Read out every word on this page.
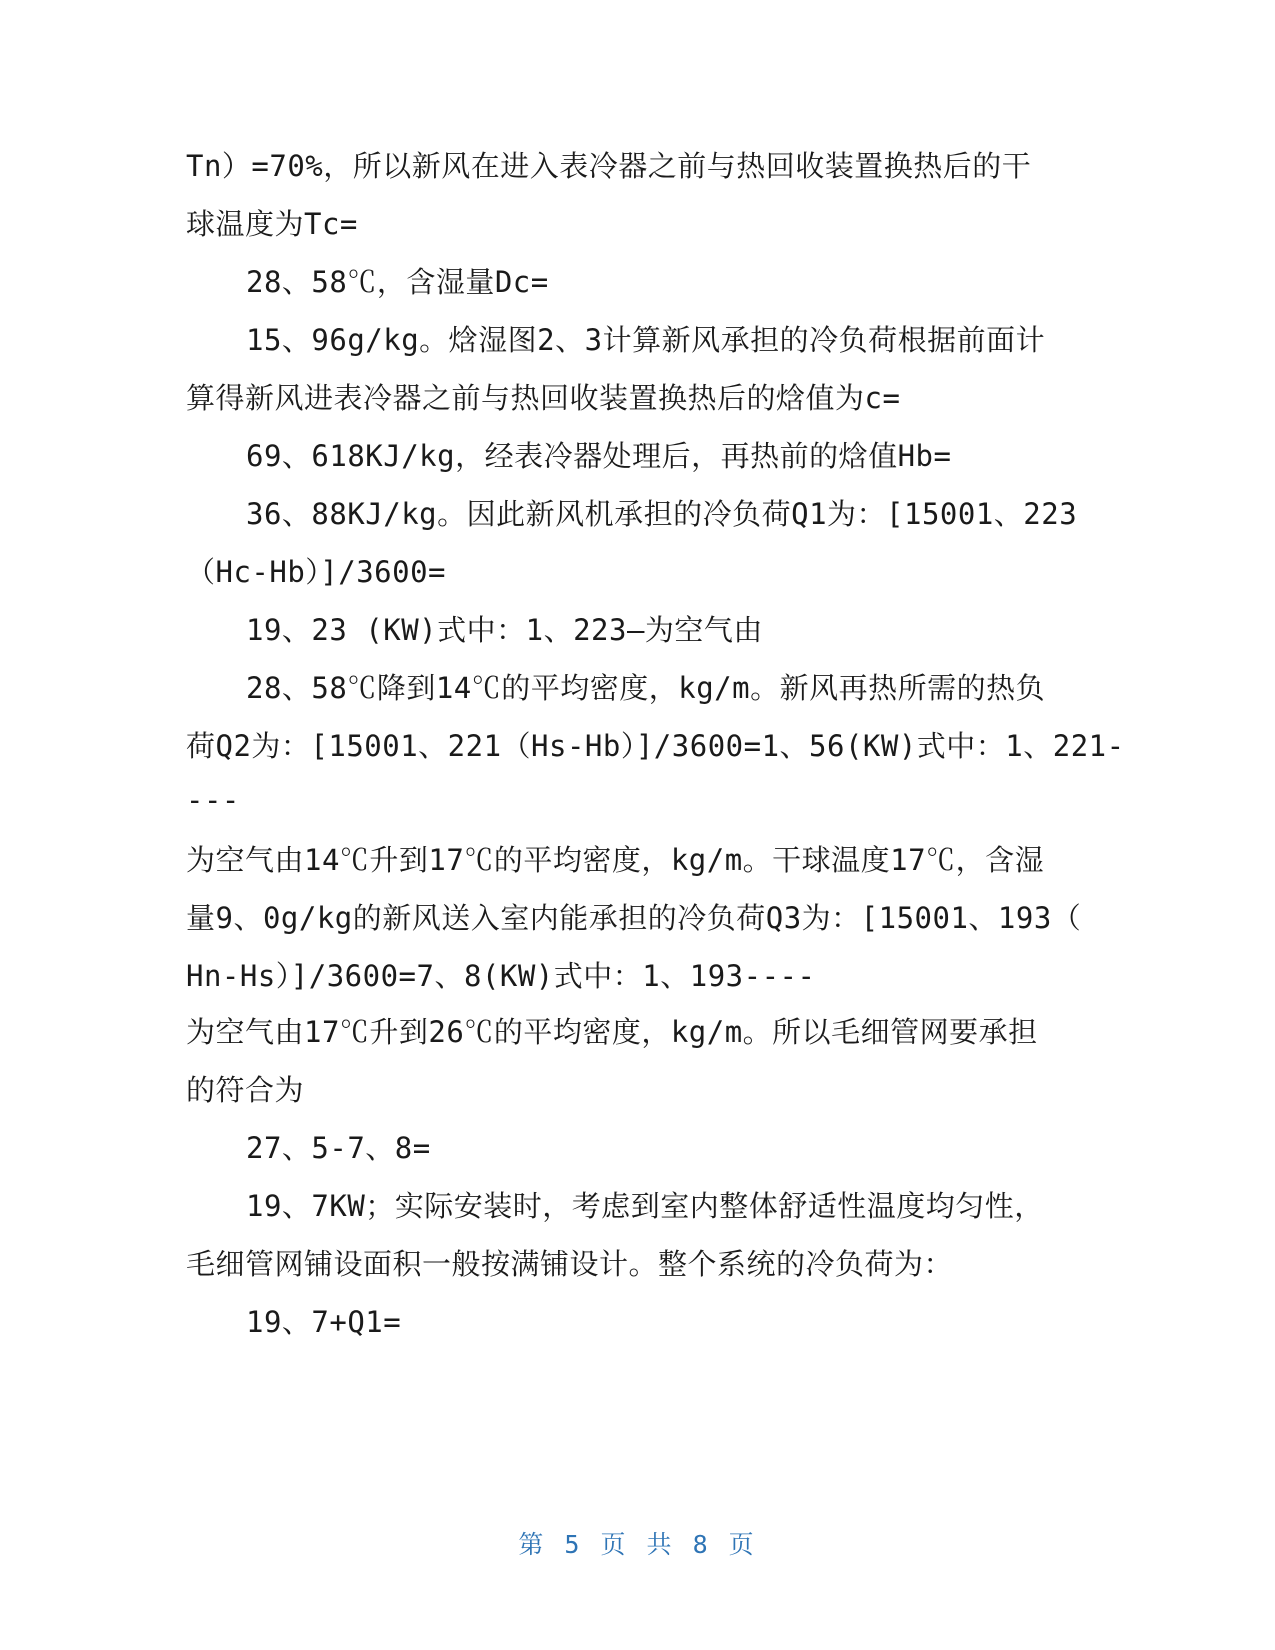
Tn）=70%，所以新风在进入表冷器之前与热回收装置换热后的干
球温度为Tc=
28、58℃，含湿量Dc=
15、96g/kg。焓湿图2、3计算新风承担的冷负荷根据前面计
算得新风进表冷器之前与热回收装置换热后的焓值为c=
69、618KJ/kg，经表冷器处理后，再热前的焓值Hb=
36、88KJ/kg。因此新风机承担的冷负荷Q1为：[15001、223
（Hc-Hb）]/3600=
19、23 (KW)式中：1、223—为空气由
28、58℃降到14℃的平均密度，kg/m。新风再热所需的热负
荷Q2为：[15001、221（Hs-Hb）]/3600=1、56(KW)式中：1、221-
---
为空气由14℃升到17℃的平均密度，kg/m。干球温度17℃，含湿
量9、0g/kg的新风送入室内能承担的冷负荷Q3为：[15001、193（
Hn-Hs）]/3600=7、8(KW)式中：1、193----
为空气由17℃升到26℃的平均密度，kg/m。所以毛细管网要承担
的符合为
27、5-7、8=
19、7KW；实际安装时，考虑到室内整体舒适性温度均匀性，
毛细管网铺设面积一般按满铺设计。整个系统的冷负荷为：
19、7+Q1=
第 5 页 共 8 页
